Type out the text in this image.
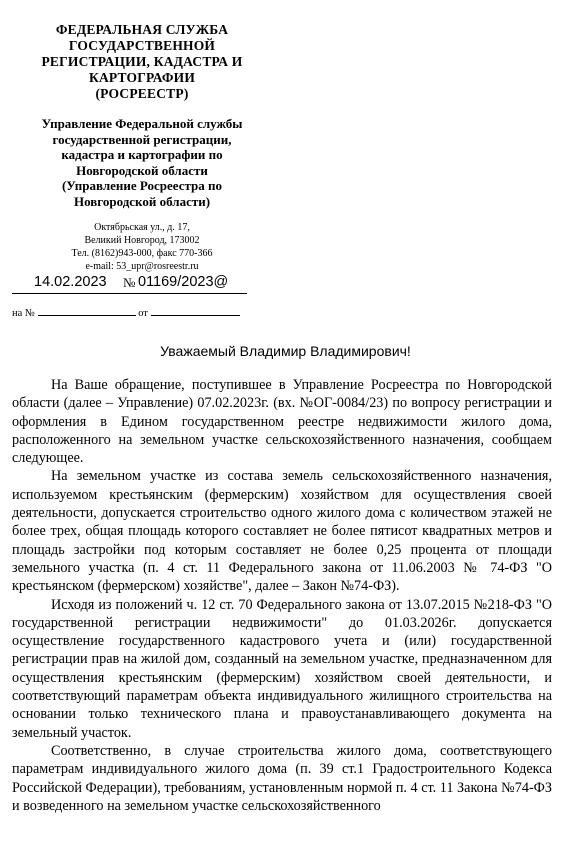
ФЕДЕРАЛЬНАЯ СЛУЖБА
ГОСУДАРСТВЕННОЙ
РЕГИСТРАЦИИ, КАДАСТРА И
КАРТОГРАФИИ
(РОСРЕЕСТР)
Управление Федеральной службы
государственной регистрации,
кадастра и картографии по
Новгородской области
(Управление Росреестра по
Новгородской области)
Октябрьская ул., д. 17,
Великий Новгород, 173002
Тел. (8162)943-000, факс 770-366
e-mail: 53_upr@rosreestr.ru
14.02.2023 № 01169/2023@
на №	от
Уважаемый Владимир Владимирович!

На Ваше обращение, поступившее в Управление Росреестра по Новгородской области (далее – Управление) 07.02.2023г. (вх. №ОГ-0084/23) по вопросу регистрации и оформления в Едином государственном реестре недвижимости жилого дома, расположенного на земельном участке сельскохозяйственного назначения, сообщаем следующее.

На земельном участке из состава земель сельскохозяйственного назначения, используемом крестьянским (фермерским) хозяйством для осуществления своей деятельности, допускается строительство одного жилого дома с количеством этажей не более трех, общая площадь которого составляет не более пятисот квадратных метров и площадь застройки под которым составляет не более 0,25 процента от площади земельного участка (п. 4 ст. 11 Федерального закона от 11.06.2003 № 74-ФЗ "О крестьянском (фермерском) хозяйстве", далее – Закон №74-ФЗ).

Исходя из положений ч. 12 ст. 70 Федерального закона от 13.07.2015 №218-ФЗ "О государственной регистрации недвижимости" до 01.03.2026г. допускается осуществление государственного кадастрового учета и (или) государственной регистрации прав на жилой дом, созданный на земельном участке, предназначенном для осуществления крестьянским (фермерским) хозяйством своей деятельности, и соответствующий параметрам объекта индивидуального жилищного строительства на основании только технического плана и правоустанавливающего документа на земельный участок.

Соответственно, в случае строительства жилого дома, соответствующего параметрам индивидуального жилого дома (п. 39 ст.1 Градостроительного Кодекса Российской Федерации), требованиям, установленным нормой п. 4 ст. 11 Закона №74-ФЗ и возведенного на земельном участке сельскохозяйственного
